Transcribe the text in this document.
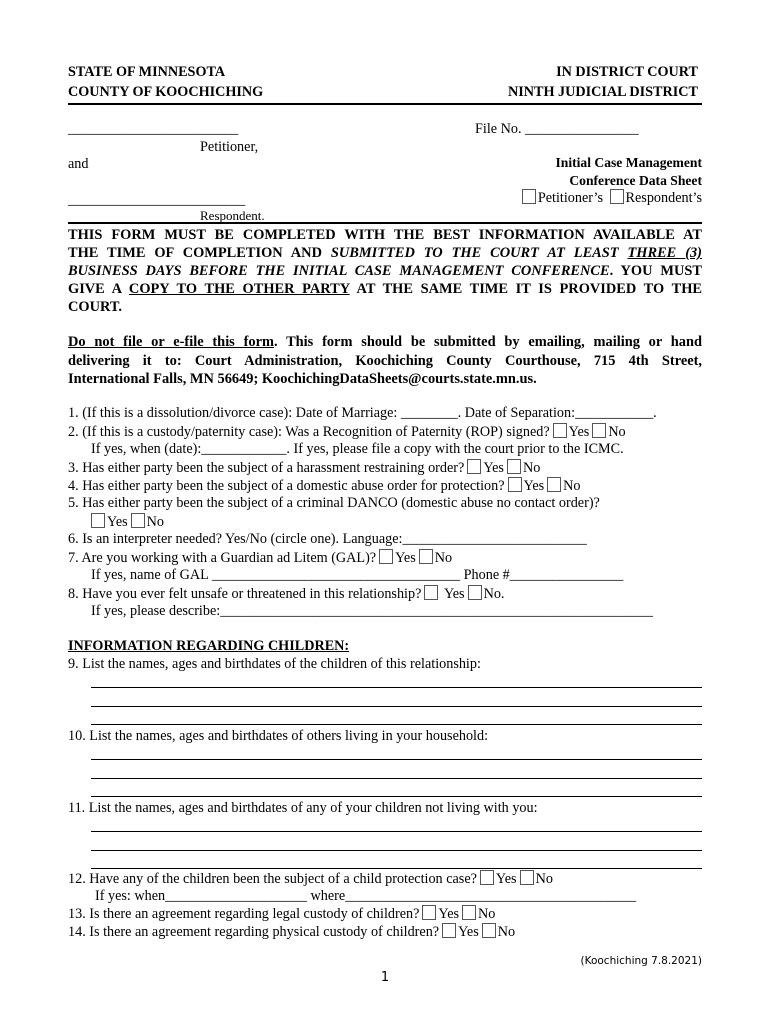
STATE OF MINNESOTA
COUNTY OF KOOCHICHING
IN DISTRICT COURT
NINTH JUDICIAL DISTRICT
________________________
Petitioner,
and
_________________________
Respondent.
File No. ________________
Initial Case Management
Conference Data Sheet
Petitioner’s Respondent’s
THIS FORM MUST BE COMPLETED WITH THE BEST INFORMATION AVAILABLE AT
THE TIME OF COMPLETION AND SUBMITTED TO THE COURT AT LEAST THREE (3)
BUSINESS DAYS BEFORE THE INITIAL CASE MANAGEMENT CONFERENCE. YOU MUST
GIVE A COPY TO THE OTHER PARTY AT THE SAME TIME IT IS PROVIDED TO THE
COURT.
Do not file or e-file this form. This form should be submitted by emailing, mailing or hand
delivering it to: Court Administration, Koochiching County Courthouse, 715 4th Street,
International Falls, MN 56649; KoochichingDataSheets@courts.state.mn.us.
1. (If this is a dissolution/divorce case): Date of Marriage: ________. Date of Separation:___________.
2. (If this is a custody/paternity case): Was a Recognition of Paternity (ROP) signed? Yes No
If yes, when (date):____________. If yes, please file a copy with the court prior to the ICMC.
3. Has either party been the subject of a harassment restraining order? Yes No
4. Has either party been the subject of a domestic abuse order for protection? Yes No
5. Has either party been the subject of a criminal DANCO (domestic abuse no contact order)?
Yes No
6. Is an interpreter needed? Yes/No (circle one). Language:__________________________
7. Are you working with a Guardian ad Litem (GAL)? Yes No
If yes, name of GAL ___________________________________ Phone #________________
8. Have you ever felt unsafe or threatened in this relationship? Yes No.
If yes, please describe:_____________________________________________________________
INFORMATION REGARDING CHILDREN:
9. List the names, ages and birthdates of the children of this relationship:
10. List the names, ages and birthdates of others living in your household:
11. List the names, ages and birthdates of any of your children not living with you:
12. Have any of the children been the subject of a child protection case? Yes No
If yes: when____________________ where_________________________________________
13. Is there an agreement regarding legal custody of children? Yes No
14. Is there an agreement regarding physical custody of children? Yes No
(Koochiching 7.8.2021)
1
